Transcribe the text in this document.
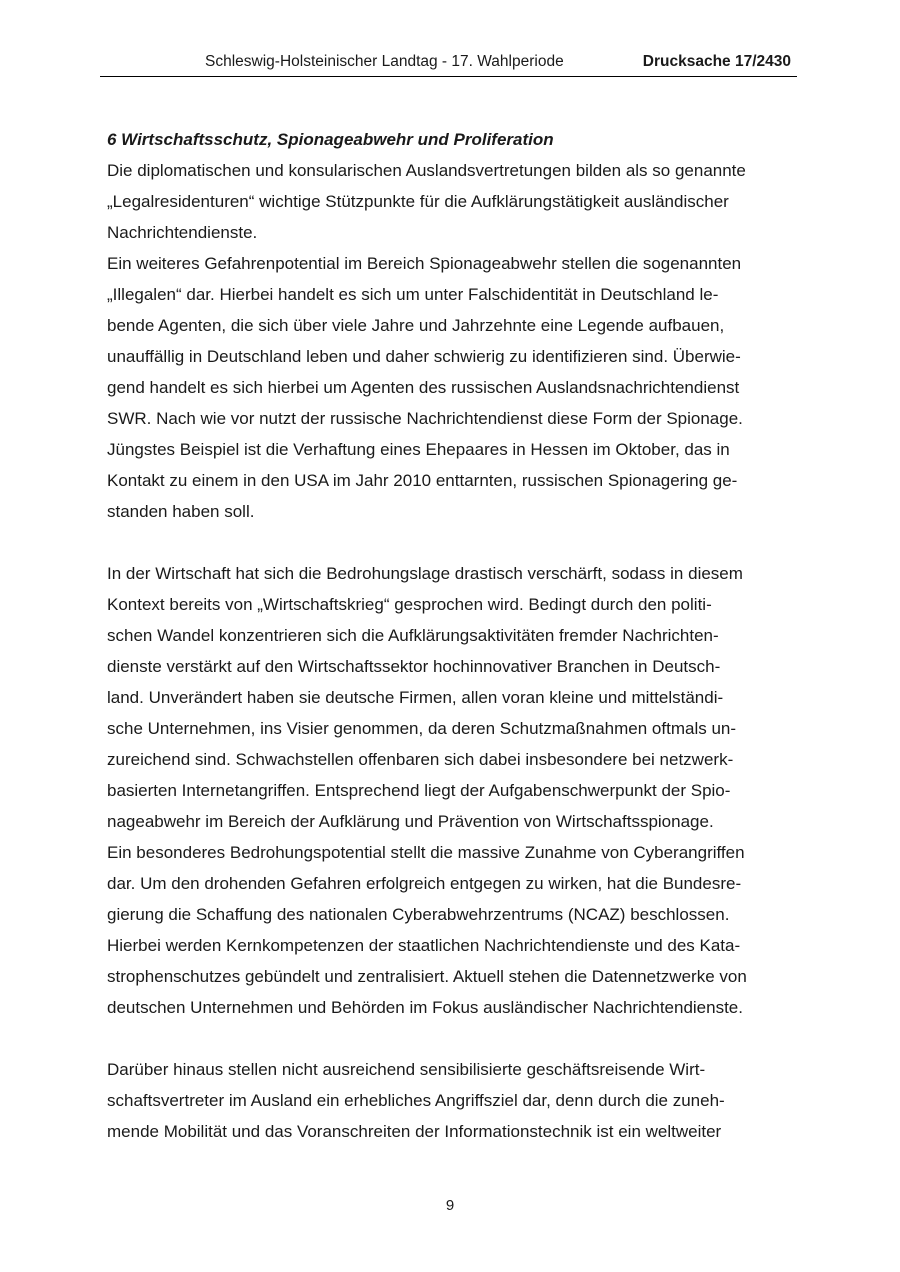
Schleswig-Holsteinischer Landtag - 17. Wahlperiode	Drucksache 17/2430
6 Wirtschaftsschutz, Spionageabwehr und Proliferation
Die diplomatischen und konsularischen Auslandsvertretungen bilden als so genannte
„Legalresidenturen“ wichtige Stützpunkte für die Aufklärungstätigkeit ausländischer
Nachrichtendienste.
Ein weiteres Gefahrenpotential im Bereich Spionageabwehr stellen die sogenannten
„Illegalen“ dar. Hierbei handelt es sich um unter Falschidentität in Deutschland le-
bende Agenten, die sich über viele Jahre und Jahrzehnte eine Legende aufbauen,
unauffällig in Deutschland leben und daher schwierig zu identifizieren sind. Überwie-
gend handelt es sich hierbei um Agenten des russischen Auslandsnachrichtendienst
SWR. Nach wie vor nutzt der russische Nachrichtendienst diese Form der Spionage.
Jüngstes Beispiel ist die Verhaftung eines Ehepaares in Hessen im Oktober, das in
Kontakt zu einem in den USA im Jahr 2010 enttarnten, russischen Spionagering ge-
standen haben soll.
In der Wirtschaft hat sich die Bedrohungslage drastisch verschärft, sodass in diesem
Kontext bereits von „Wirtschaftskrieg“ gesprochen wird. Bedingt durch den politi-
schen Wandel konzentrieren sich die Aufklärungsaktivitäten fremder Nachrichten-
dienste verstärkt auf den Wirtschaftssektor hochinnovativer Branchen in Deutsch-
land. Unverändert haben sie deutsche Firmen, allen voran kleine und mittelständi-
sche Unternehmen, ins Visier genommen, da deren Schutzmaßnahmen oftmals un-
zureichend sind. Schwachstellen offenbaren sich dabei insbesondere bei netzwerk-
basierten Internetangriffen. Entsprechend liegt der Aufgabenschwerpunkt der Spio-
nageabwehr im Bereich der Aufklärung und Prävention von Wirtschaftsspionage.
Ein besonderes Bedrohungspotential stellt die massive Zunahme von Cyberangriffen
dar. Um den drohenden Gefahren erfolgreich entgegen zu wirken, hat die Bundesre-
gierung die Schaffung des nationalen Cyberabwehrzentrums (NCAZ) beschlossen.
Hierbei werden Kernkompetenzen der staatlichen Nachrichtendienste und des Kata-
strophenschutzes gebündelt und zentralisiert. Aktuell stehen die Datennetzwerke von
deutschen Unternehmen und Behörden im Fokus ausländischer Nachrichtendienste.
Darüber hinaus stellen nicht ausreichend sensibilisierte geschäftsreisende Wirt-
schaftsvertreter im Ausland ein erhebliches Angriffsziel dar, denn durch die zuneh-
mende Mobilität und das Voranschreiten der Informationstechnik ist ein weltweiter
9
